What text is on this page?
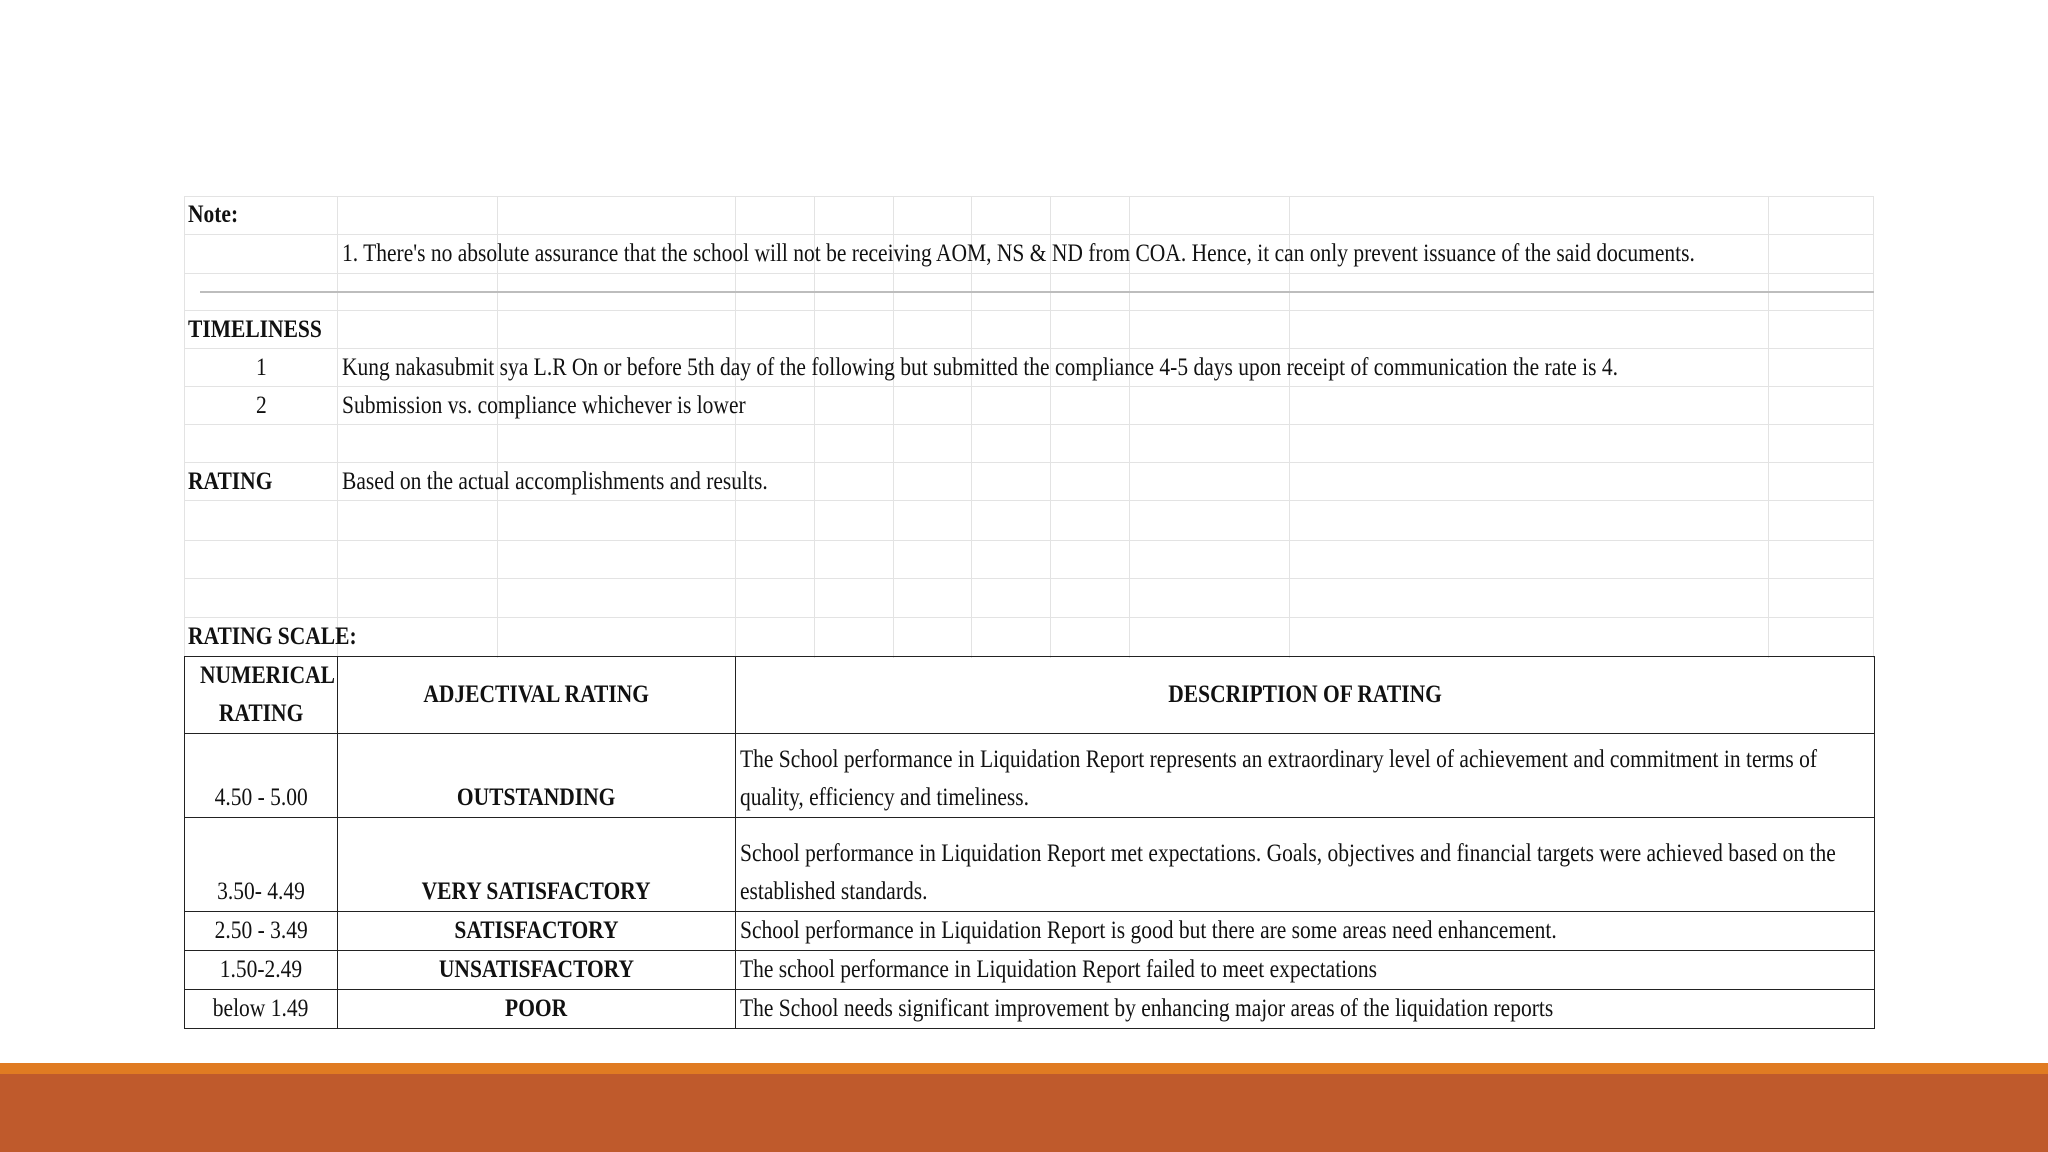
Note:
1. There's no absolute assurance that the school will not be receiving AOM, NS & ND from COA. Hence, it can only prevent issuance of the said documents.
TIMELINESS
1	Kung nakasubmit sya L.R On or before 5th day of the following but submitted the compliance 4-5 days upon receipt of communication the rate is 4.
2	Submission vs. compliance whichever is lower
RATING	Based on the actual accomplishments and results.
RATING SCALE:
NUMERICAL
RATING	ADJECTIVAL RATING	DESCRIPTION OF RATING
4.50 - 5.00	OUTSTANDING	The School performance in Liquidation Report represents an extraordinary level of achievement and commitment in terms of quality, efficiency and timeliness.
3.50- 4.49	VERY SATISFACTORY	School performance in Liquidation Report met expectations. Goals, objectives and financial targets were achieved based on the established standards.
2.50 - 3.49	SATISFACTORY	School performance in Liquidation Report is good but there are some areas need enhancement.
1.50-2.49	UNSATISFACTORY	The school performance in Liquidation Report failed to meet expectations
below 1.49	POOR	The School needs significant improvement by enhancing major areas of the liquidation reports
